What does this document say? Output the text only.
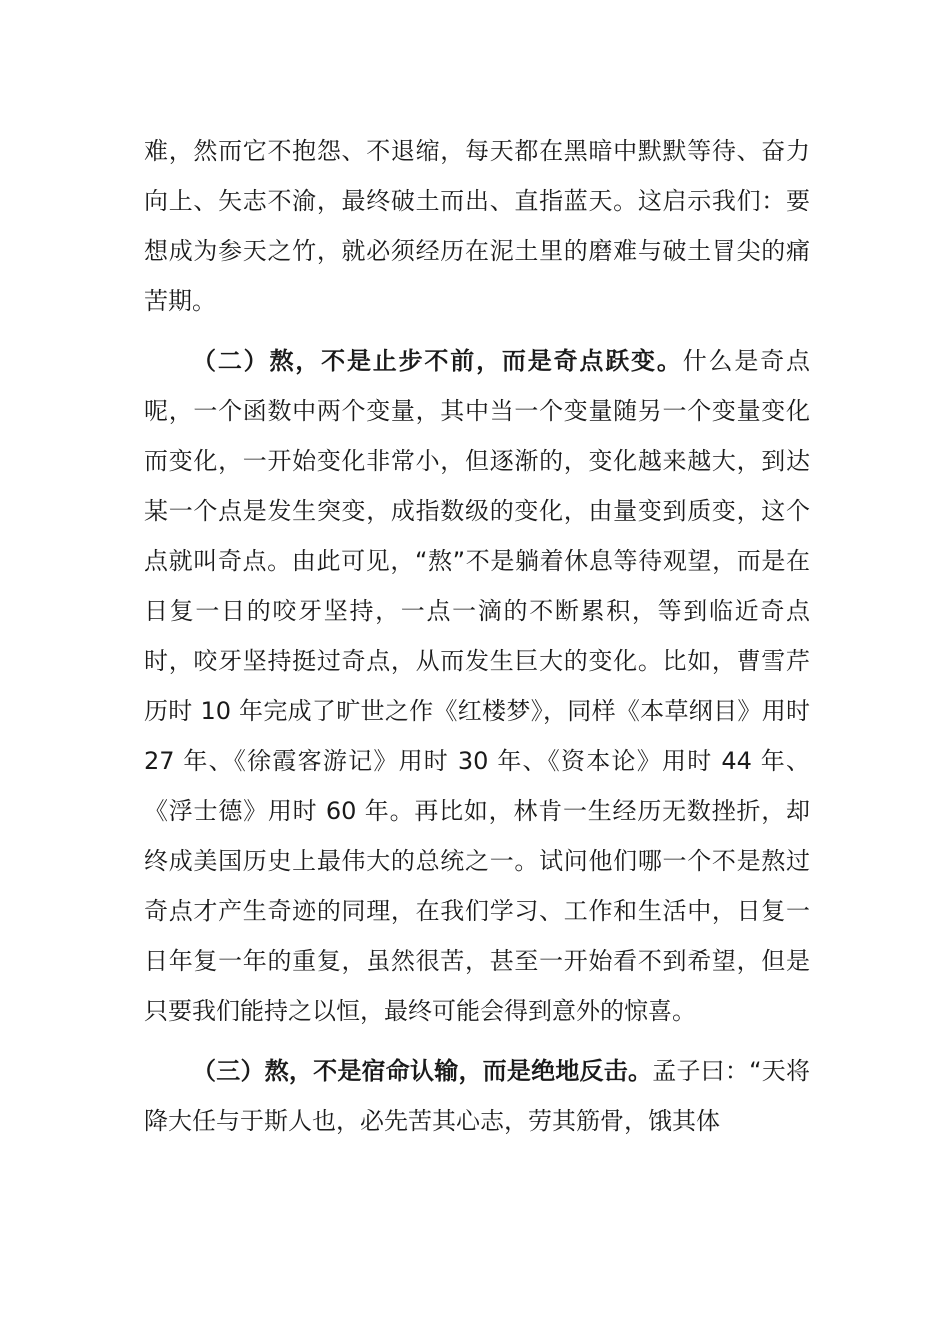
难，然而它不抱怨、不退缩，每天都在黑暗中默默等待、奋力向上、矢志不渝，最终破土而出、直指蓝天。这启示我们：要想成为参天之竹，就必须经历在泥土里的磨难与破土冒尖的痛苦期。

（二）熬，不是止步不前，而是奇点跃变。什么是奇点呢，一个函数中两个变量，其中当一个变量随另一个变量变化而变化，一开始变化非常小，但逐渐的，变化越来越大，到达某一个点是发生突变，成指数级的变化，由量变到质变，这个点就叫奇点。由此可见，“熬”不是躺着休息等待观望，而是在日复一日的咬牙坚持，一点一滴的不断累积，等到临近奇点时，咬牙坚持挺过奇点，从而发生巨大的变化。比如，曹雪芹历时 10 年完成了旷世之作《红楼梦》，同样《本草纲目》用时 27 年、《徐霞客游记》用时 30 年、《资本论》用时 44 年、《浮士德》用时 60 年。再比如，林肯一生经历无数挫折，却终成美国历史上最伟大的总统之一。试问他们哪一个不是熬过奇点才产生奇迹的同理，在我们学习、工作和生活中，日复一日年复一年的重复，虽然很苦，甚至一开始看不到希望，但是只要我们能持之以恒，最终可能会得到意外的惊喜。

（三）熬，不是宿命认输，而是绝地反击。孟子曰：“天将降大任与于斯人也，必先苦其心志，劳其筋骨，饿其体
